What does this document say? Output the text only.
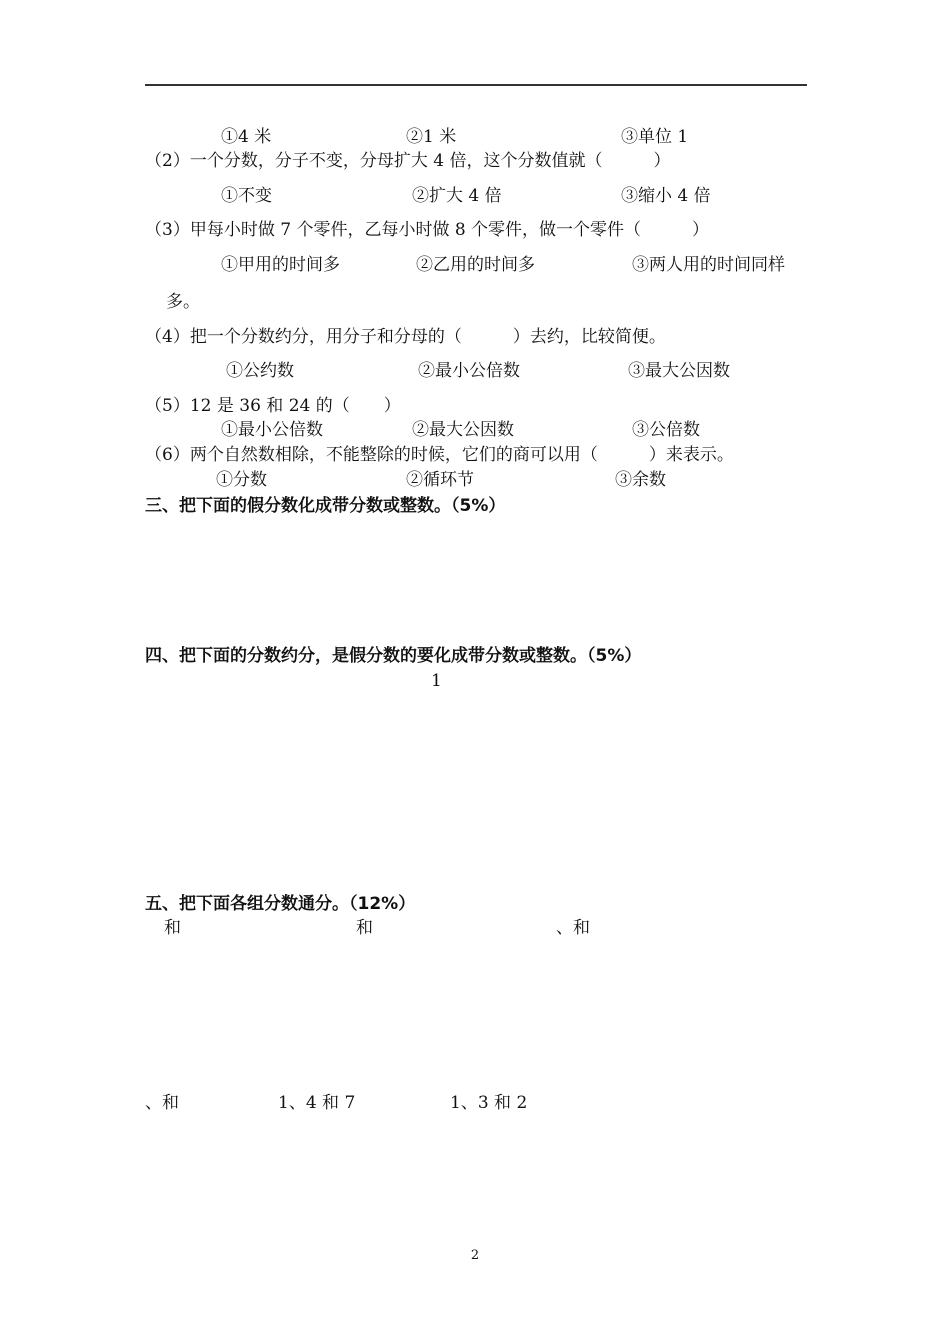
①4 米	②1 米	③单位 1
（2）一个分数，分子不变，分母扩大 4 倍，这个分数值就（　　　）
①不变	②扩大 4 倍	③缩小 4 倍
（3）甲每小时做 7 个零件，乙每小时做 8 个零件，做一个零件（　　　）
①甲用的时间多	②乙用的时间多	③两人用的时间同样
多。
（4）把一个分数约分，用分子和分母的（　　　）去约，比较简便。
①公约数	②最小公倍数	③最大公因数
（5）12 是 36 和 24 的（　　）
①最小公倍数	②最大公因数	③公倍数
（6）两个自然数相除，不能整除的时候，它们的商可以用（　　　）来表示。
①分数	②循环节	③余数
三、把下面的假分数化成带分数或整数。（5%）
四、把下面的分数约分，是假分数的要化成带分数或整数。（5%）
1
五、把下面各组分数通分。（12%）
和	和	、和
、和	1、4 和 7	1、3 和 2
2
